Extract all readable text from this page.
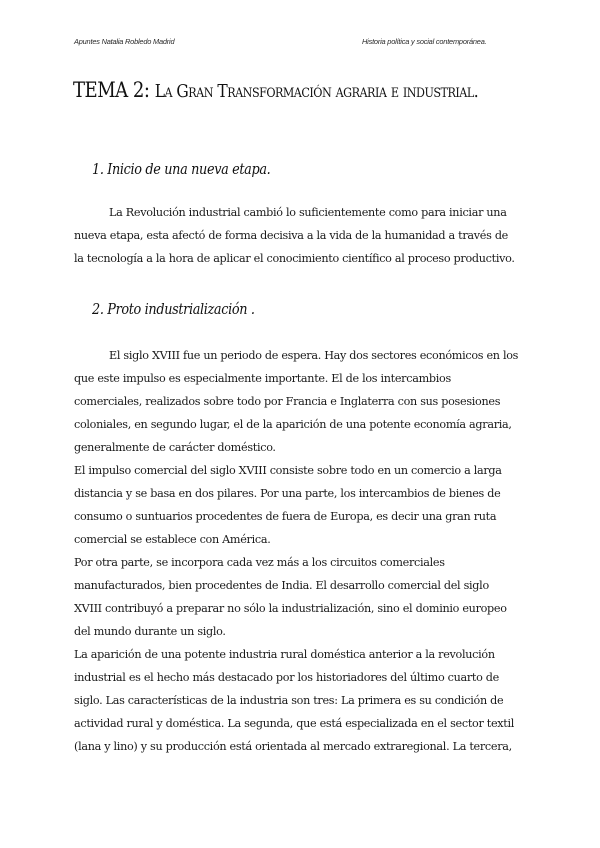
Apuntes Natalia Robledo Madrid	Historia política y social contemporánea.
TEMA 2: La Gran Transformación agraria e industrial.
1. Inicio de una nueva etapa.
La Revolución industrial cambió lo suficientemente como para iniciar una
nueva etapa, esta afectó de forma decisiva a la vida de la humanidad a través de
la tecnología a la hora de aplicar el conocimiento científico al proceso productivo.
2. Proto industrialización .
El siglo XVIII fue un periodo de espera. Hay dos sectores económicos en los
que este impulso es especialmente importante. El de los intercambios
comerciales, realizados sobre todo por Francia e Inglaterra con sus posesiones
coloniales, en segundo lugar, el de la aparición de una potente economía agraria,
generalmente de carácter doméstico.
El impulso comercial del siglo XVIII consiste sobre todo en un comercio a larga
distancia y se basa en dos pilares. Por una parte, los intercambios de bienes de
consumo o suntuarios procedentes de fuera de Europa, es decir una gran ruta
comercial se establece con América.
Por otra parte, se incorpora cada vez más a los circuitos comerciales
manufacturados, bien procedentes de India. El desarrollo comercial del siglo
XVIII contribuyó a preparar no sólo la industrialización, sino el dominio europeo
del mundo durante un siglo.
La aparición de una potente industria rural doméstica anterior a la revolución
industrial es el hecho más destacado por los historiadores del último cuarto de
siglo. Las características de la industria son tres: La primera es su condición de
actividad rural y doméstica. La segunda, que está especializada en el sector textil
(lana y lino) y su producción está orientada al mercado extraregional. La tercera,
